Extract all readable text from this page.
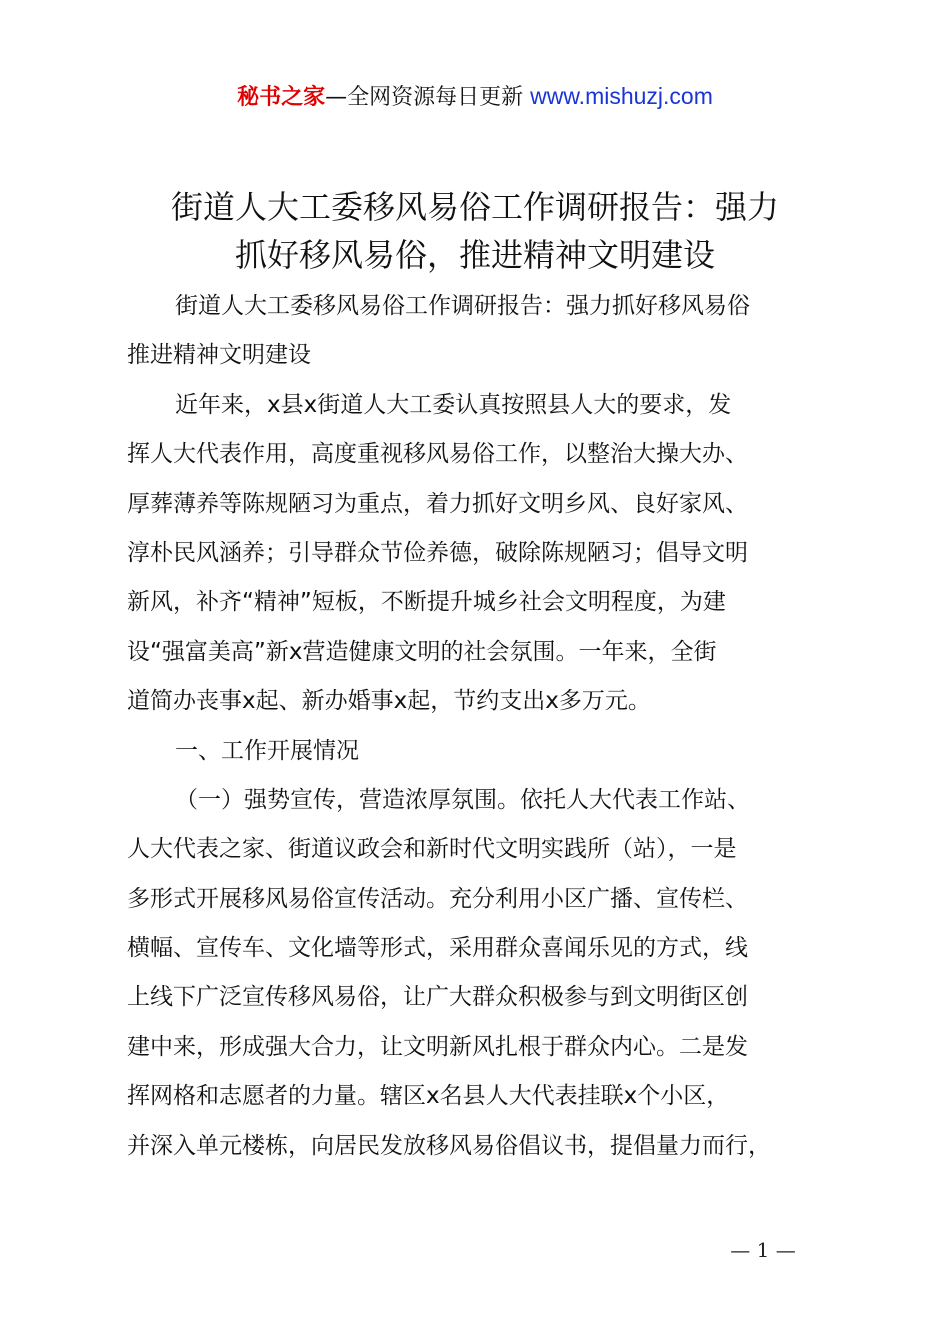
秘书之家—全网资源每日更新 www.mishuzj.com
街道人大工委移风易俗工作调研报告：强力
抓好移风易俗，推进精神文明建设
街道人大工委移风易俗工作调研报告：强力抓好移风易俗
推进精神文明建设
近年来，x县x街道人大工委认真按照县人大的要求，发
挥人大代表作用，高度重视移风易俗工作，以整治大操大办、
厚葬薄养等陈规陋习为重点，着力抓好文明乡风、良好家风、
淳朴民风涵养；引导群众节俭养德，破除陈规陋习；倡导文明
新风，补齐“精神”短板，不断提升城乡社会文明程度，为建
设“强富美高”新x营造健康文明的社会氛围。一年来，全街
道简办丧事x起、新办婚事x起，节约支出x多万元。
一、工作开展情况
（一）强势宣传，营造浓厚氛围。依托人大代表工作站、
人大代表之家、街道议政会和新时代文明实践所（站），一是
多形式开展移风易俗宣传活动。充分利用小区广播、宣传栏、
横幅、宣传车、文化墙等形式，采用群众喜闻乐见的方式，线
上线下广泛宣传移风易俗，让广大群众积极参与到文明街区创
建中来，形成强大合力，让文明新风扎根于群众内心。二是发
挥网格和志愿者的力量。辖区x名县人大代表挂联x个小区，
并深入单元楼栋，向居民发放移风易俗倡议书，提倡量力而行，
— 1 —
